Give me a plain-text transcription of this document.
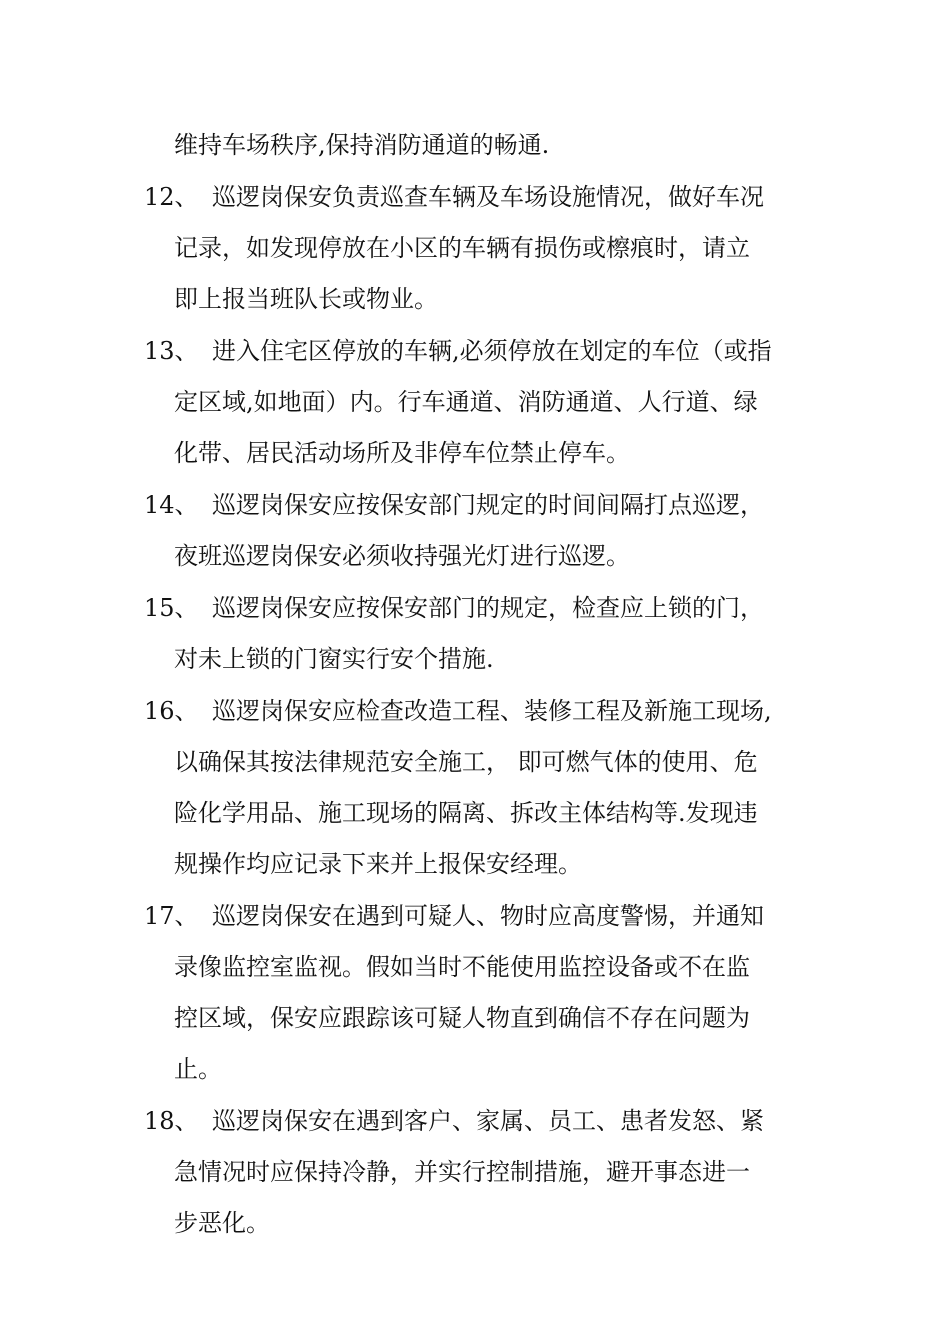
维持车场秩序,保持消防通道的畅通.
12、 巡逻岗保安负责巡查车辆及车场设施情况，做好车况
记录，如发现停放在小区的车辆有损伤或檫痕时，请立
即上报当班队长或物业。
13、 进入住宅区停放的车辆,必须停放在划定的车位（或指
定区域,如地面）内。行车通道、消防通道、人行道、绿
化带、居民活动场所及非停车位禁止停车。
14、 巡逻岗保安应按保安部门规定的时间间隔打点巡逻，
夜班巡逻岗保安必须收持强光灯进行巡逻。
15、 巡逻岗保安应按保安部门的规定，检查应上锁的门，
对未上锁的门窗实行安个措施.
16、 巡逻岗保安应检查改造工程、装修工程及新施工现场,
以确保其按法律规范安全施工， 即可燃气体的使用、危
险化学用品、施工现场的隔离、拆改主体结构等.发现违
规操作均应记录下来并上报保安经理。
17、 巡逻岗保安在遇到可疑人、物时应高度警惕，并通知
录像监控室监视。假如当时不能使用监控设备或不在监
控区域，保安应跟踪该可疑人物直到确信不存在问题为
止。
18、 巡逻岗保安在遇到客户、家属、员工、患者发怒、紧
急情况时应保持冷静，并实行控制措施，避开事态进一
步恶化。
